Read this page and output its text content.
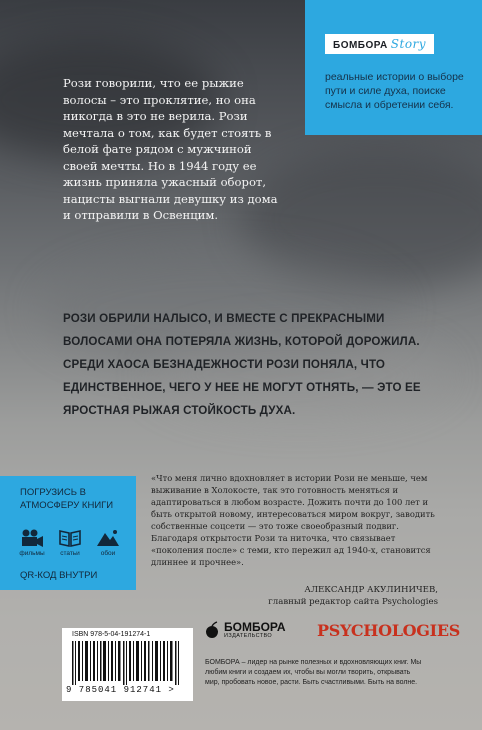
БОМБОРА Story
реальные истории о выборе пути и силе духа, поиске смысла и обретении себя.
Рози говорили, что ее рыжие волосы – это проклятие, но она никогда в это не верила. Рози мечтала о том, как будет стоять в белой фате рядом с мужчиной своей мечты. Но в 1944 году ее жизнь приняла ужасный оборот, нацисты выгнали девушку из дома и отправили в Освенцим.
РОЗИ ОБРИЛИ НАЛЫСО, И ВМЕСТЕ С ПРЕКРАСНЫМИ ВОЛОСАМИ ОНА ПОТЕРЯЛА ЖИЗНЬ, КОТОРОЙ ДОРОЖИЛА. СРЕДИ ХАОСА БЕЗНАДЕЖНОСТИ РОЗИ ПОНЯЛА, ЧТО ЕДИНСТВЕННОЕ, ЧЕГО У НЕЕ НЕ МОГУТ ОТНЯТЬ, — ЭТО ЕЕ ЯРОСТНАЯ РЫЖАЯ СТОЙКОСТЬ ДУХА.
ПОГРУЗИСЬ В АТМОСФЕРУ КНИГИ
фильмы статьи	обои
QR-КОД ВНУТРИ
«Что меня лично вдохновляет в истории Рози не меньше, чем выживание в Холокосте, так это готовность меняться и адаптироваться в любом возрасте. Дожить почти до 100 лет и быть открытой новому, интересоваться миром вокруг, заводить собственные соцсети — это тоже своеобразный подвиг. Благодаря открытости Рози та ниточка, что связывает «поколения после» с теми, кто пережил ад 1940-х, становится длиннее и прочнее».
АЛЕКСАНДР АКУЛИНИЧЕВ,
главный редактор сайта Psychologies
ISBN 978-5-04-191274-1
9 785041 912741 >
БОМБОРА
ИЗДАТЕЛЬСТВО	PSYCHOLOGIES
БОМБОРА – лидер на рынке полезных и вдохновляющих книг. Мы любим книги и создаем их, чтобы вы могли творить, открывать мир, пробовать новое, расти. Быть счастливыми. Быть на волне.
